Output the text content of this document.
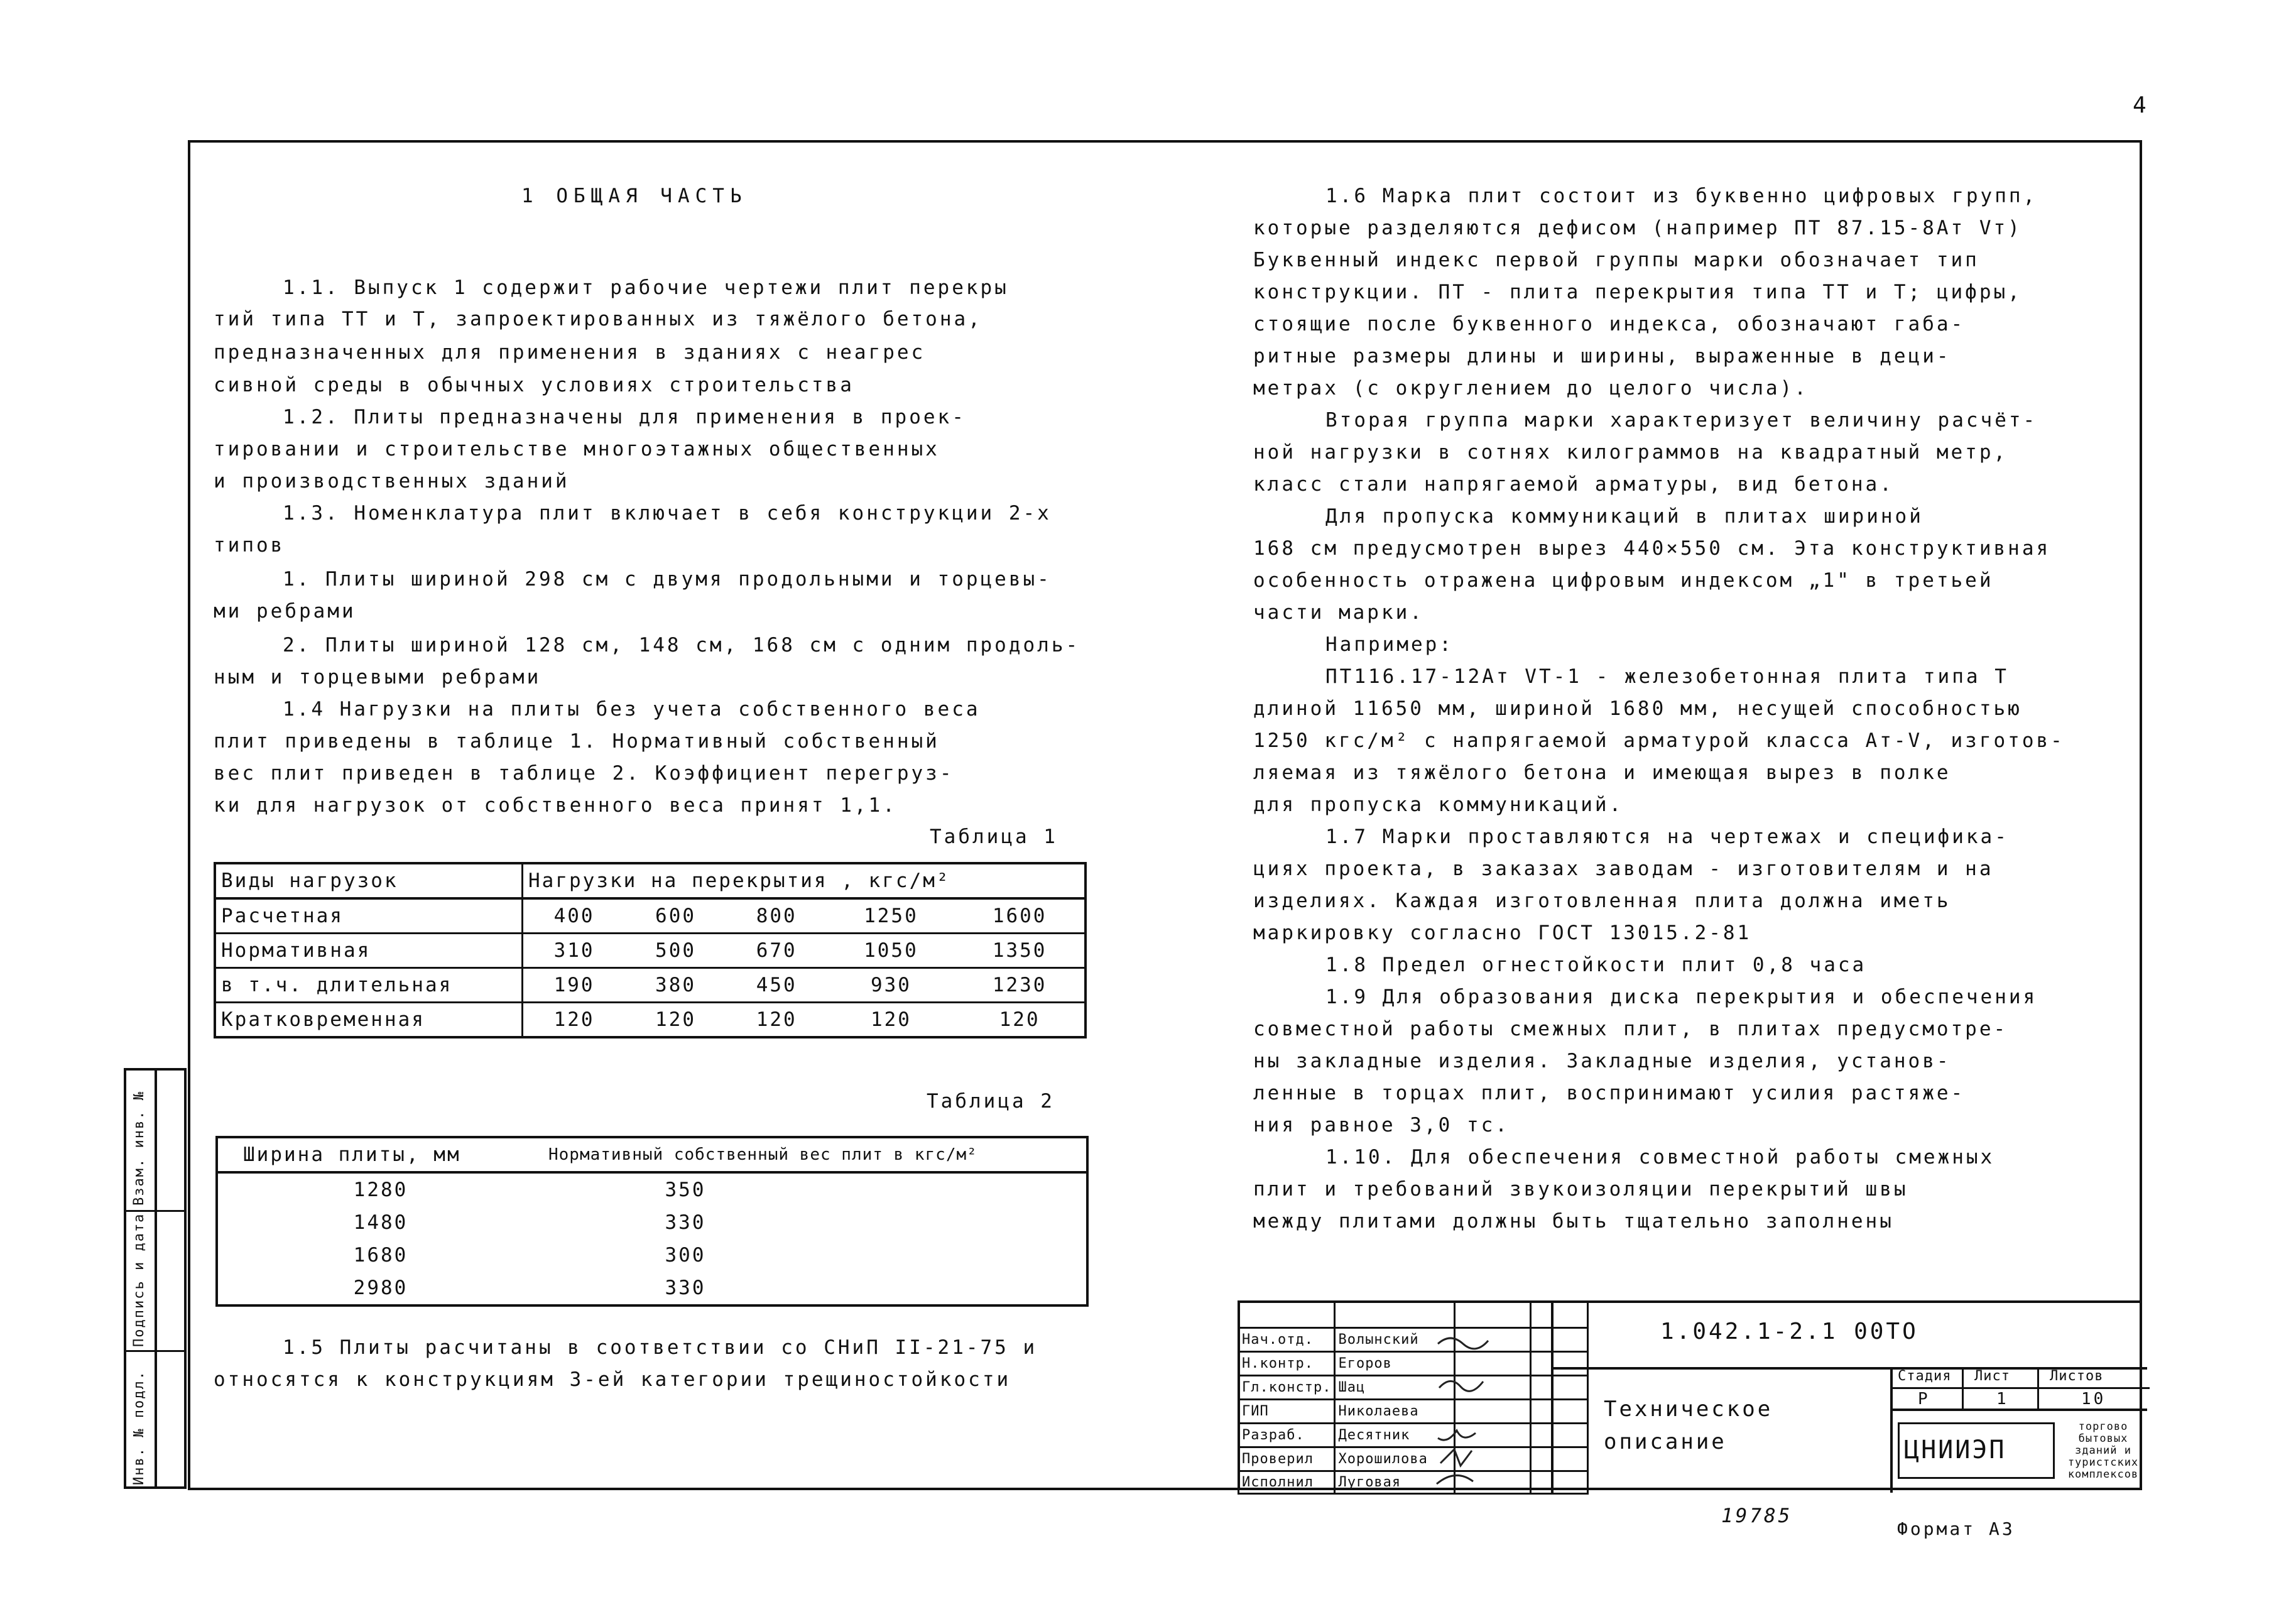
4
Инв. № подл.
Подпись и дата
Взам. инв. №
1 ОБЩАЯ ЧАСТЬ
1.1. Выпуск 1 содержит рабочие чертежи плит перекры
тий типа ТТ и Т, запроектированных из тяжёлого бетона,
предназначенных для применения в зданиях с неагрес
сивной среды в обычных условиях строительства
1.2. Плиты предназначены для применения в проек-
тировании и строительстве многоэтажных общественных
и производственных зданий
1.3. Номенклатура плит включает в себя конструкции 2-х
типов
1. Плиты шириной 298 см с двумя продольными и торцевы-
ми ребрами
2. Плиты шириной 128 см, 148 см, 168 см с одним продоль-
ным и торцевыми ребрами
1.4 Нагрузки на плиты без учета собственного веса
плит приведены в таблице 1. Нормативный собственный
вес плит приведен в таблице 2. Коэффициент перегруз-
ки для нагрузок от собственного веса принят 1,1.
Таблица 1
Виды нагрузок	Нагрузки на перекрытия , кгс/м²				
Расчетная	400	600	800	1250	1600
Нормативная	310	500	670	1050	1350
в т.ч. длительная	190	380	450	930	1230
Кратковременная	120	120	120	120	120
Таблица 2
Ширина плиты, мм	Нормативный собственный вес плит в кгс/м²
1280	350
1480	330
1680	300
2980	330
1.5 Плиты расчитаны в соответствии со СНиП II-21-75 и
относятся к конструкциям 3-ей категории трещиностойкости
1.6 Марка плит состоит из буквенно цифровых групп,
которые разделяются дефисом (например ПТ 87.15-8Ат Vт)
Буквенный индекс первой группы марки обозначает тип
конструкции. ПТ - плита перекрытия типа ТТ и Т; цифры,
стоящие после буквенного индекса, обозначают габа-
ритные размеры длины и ширины, выраженные в деци-
метрах (с округлением до целого числа).
Вторая группа марки характеризует величину расчёт-
ной нагрузки в сотнях килограммов на квадратный метр,
класс стали напрягаемой арматуры, вид бетона.
Для пропуска коммуникаций в плитах шириной
168 см предусмотрен вырез 440×550 см. Эта конструктивная
особенность отражена цифровым индексом „1" в третьей
части марки.
Например:
ПТ116.17-12Ат VТ-1 - железобетонная плита типа Т
длиной 11650 мм, шириной 1680 мм, несущей способностью
1250 кгс/м² с напрягаемой арматурой класса Ат-V, изготов-
ляемая из тяжёлого бетона и имеющая вырез в полке
для пропуска коммуникаций.
1.7 Марки проставляются на чертежах и спецификa-
циях проекта, в заказах заводам - изготовителям и на
изделиях. Каждая изготовленная плита должна иметь
маркировку согласно ГОСТ 13015.2-81
1.8 Предел огнестойкости плит 0,8 часа
1.9 Для образования диска перекрытия и обеспечения
совместной работы смежных плит, в плитах предусмотре-
ны закладные изделия. Закладные изделия, установ-
ленные в торцах плит, воспринимают усилия растяже-
ния равное 3,0 тс.
1.10. Для обеспечения совместной работы смежных
плит и требований звукоизоляции перекрытий швы
между плитами должны быть тщательно заполнены

Нач.отд.	Волынский		
Н.контр.	Егоров		
Гл.констр.	Шац		
ГИП	Николаева		
Разраб.	Десятник		
Проверил	Хорошилова		
Исполнил	Луговая		
1.042.1-2.1 00ТО
Техническое
описание
Стадия Лист	Листов
Р	1	10
ЦНИИЭП
торгово бытовых зданий и туристских комплексов
19785
Формат А3
